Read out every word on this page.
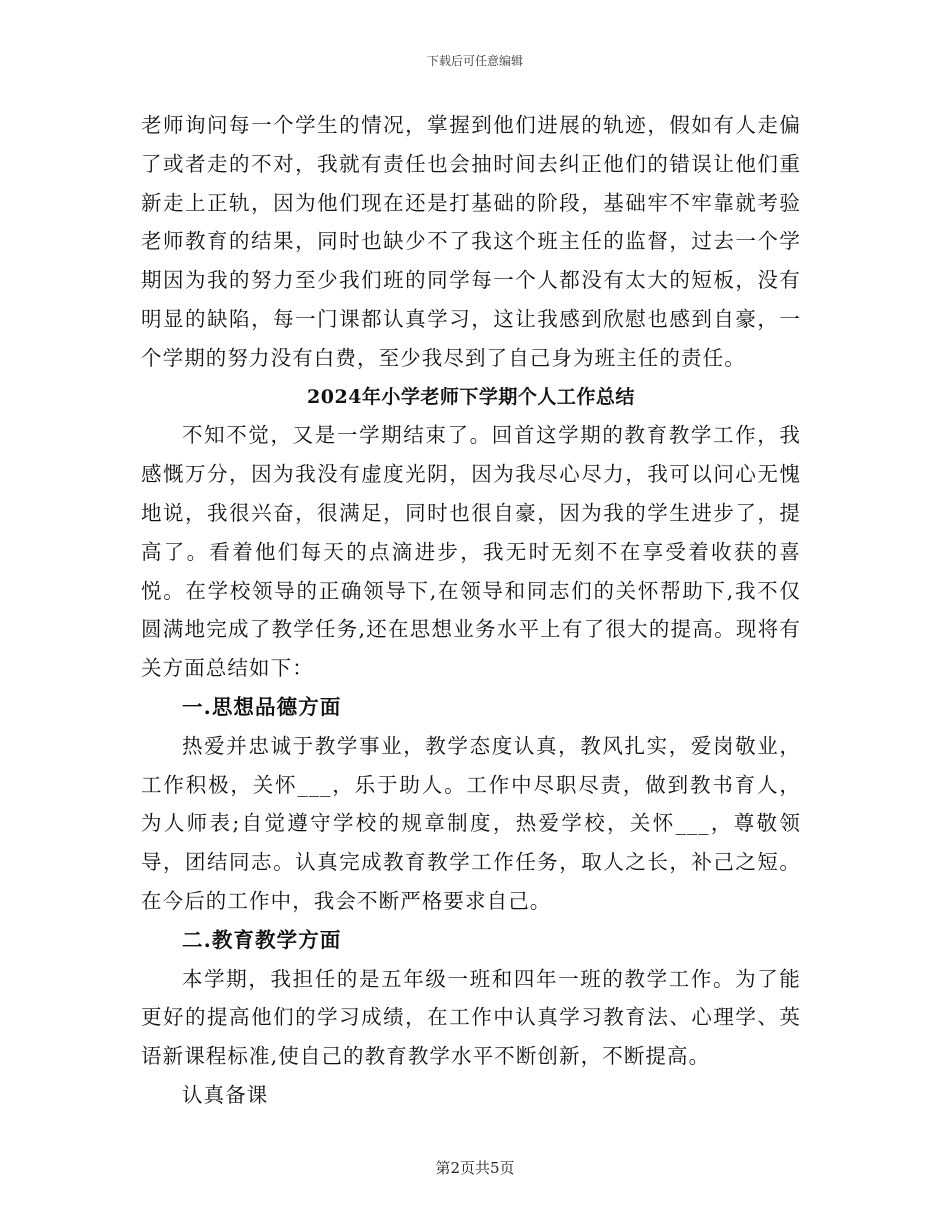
下载后可任意编辑

老师询问每一个学生的情况，掌握到他们进展的轨迹，假如有人走偏了或者走的不对，我就有责任也会抽时间去纠正他们的错误让他们重新走上正轨，因为他们现在还是打基础的阶段，基础牢不牢靠就考验老师教育的结果，同时也缺少不了我这个班主任的监督，过去一个学期因为我的努力至少我们班的同学每一个人都没有太大的短板，没有明显的缺陷，每一门课都认真学习，这让我感到欣慰也感到自豪，一个学期的努力没有白费，至少我尽到了自己身为班主任的责任。

2024年小学老师下学期个人工作总结

不知不觉，又是一学期结束了。回首这学期的教育教学工作，我感慨万分，因为我没有虚度光阴，因为我尽心尽力，我可以问心无愧地说，我很兴奋，很满足，同时也很自豪，因为我的学生进步了，提高了。看着他们每天的点滴进步，我无时无刻不在享受着收获的喜悦。在学校领导的正确领导下,在领导和同志们的关怀帮助下,我不仅圆满地完成了教学任务,还在思想业务水平上有了很大的提高。现将有关方面总结如下：

一.思想品德方面

热爱并忠诚于教学事业，教学态度认真，教风扎实，爱岗敬业，工作积极，关怀___，乐于助人。工作中尽职尽责，做到教书育人，为人师表;自觉遵守学校的规章制度，热爱学校，关怀___，尊敬领导，团结同志。认真完成教育教学工作任务，取人之长，补己之短。在今后的工作中，我会不断严格要求自己。

二.教育教学方面

本学期，我担任的是五年级一班和四年一班的教学工作。为了能更好的提高他们的学习成绩，在工作中认真学习教育法、心理学、英语新课程标准,使自己的教育教学水平不断创新，不断提高。

认真备课

第2页共5页
